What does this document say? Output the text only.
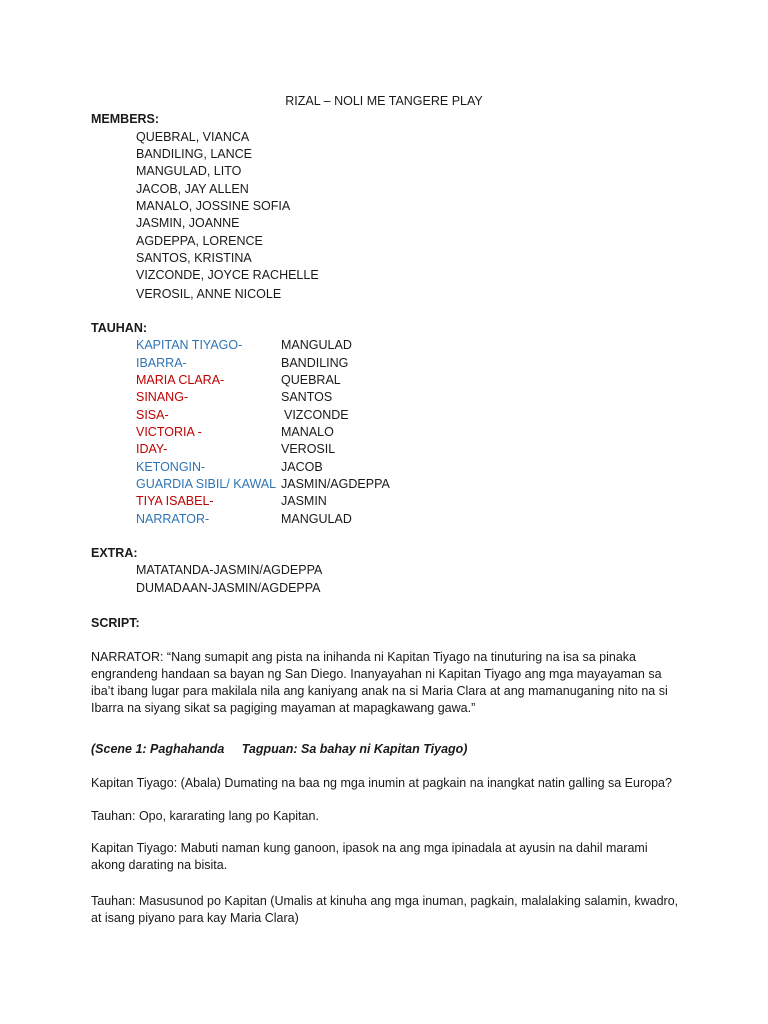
RIZAL – NOLI ME TANGERE PLAY
MEMBERS:
QUEBRAL, VIANCA
BANDILING, LANCE
MANGULAD, LITO
JACOB, JAY ALLEN
MANALO, JOSSINE SOFIA
JASMIN, JOANNE
AGDEPPA, LORENCE
SANTOS, KRISTINA
VIZCONDE, JOYCE RACHELLE
VEROSIL, ANNE NICOLE
TAUHAN:
KAPITAN TIYAGO-	MANGULAD
IBARRA-	BANDILING
MARIA CLARA-	QUEBRAL
SINANG-	SANTOS
SISA-	VIZCONDE
VICTORIA -	MANALO
IDAY-	VEROSIL
KETONGIN-	JACOB
GUARDIA SIBIL/ KAWAL JASMIN/AGDEPPA
TIYA ISABEL-	JASMIN
NARRATOR-	MANGULAD
EXTRA:
MATATANDA-JASMIN/AGDEPPA
DUMADAAN-JASMIN/AGDEPPA
SCRIPT:
NARRATOR: “Nang sumapit ang pista na inihanda ni Kapitan Tiyago na tinuturing na isa sa pinaka engrandeng handaan sa bayan ng San Diego. Inanyayahan ni Kapitan Tiyago ang mga mayayaman sa iba’t ibang lugar para makilala nila ang kaniyang anak na si Maria Clara at ang mamanuganing nito na si Ibarra na siyang sikat sa pagiging mayaman at mapagkawang gawa.”
(Scene 1: Paghahanda     Tagpuan: Sa bahay ni Kapitan Tiyago)
Kapitan Tiyago: (Abala) Dumating na baa ng mga inumin at pagkain na inangkat natin galling sa Europa?
Tauhan: Opo, kararating lang po Kapitan.
Kapitan Tiyago: Mabuti naman kung ganoon, ipasok na ang mga ipinadala at ayusin na dahil marami akong darating na bisita.
Tauhan: Masusunod po Kapitan (Umalis at kinuha ang mga inuman, pagkain, malalaking salamin, kwadro, at isang piyano para kay Maria Clara)
